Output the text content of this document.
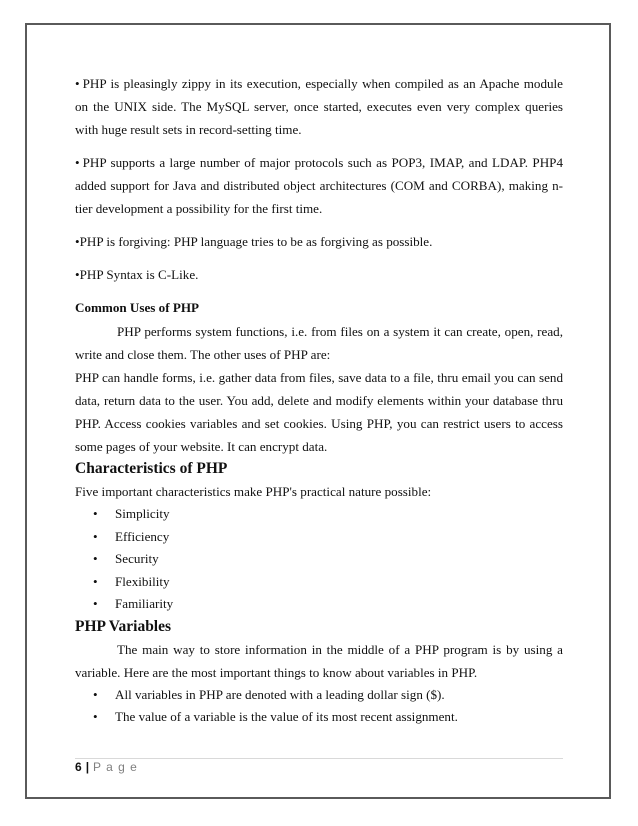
• PHP is pleasingly zippy in its execution, especially when compiled as an Apache module on the UNIX side. The MySQL server, once started, executes even very complex queries with huge result sets in record-setting time.

• PHP supports a large number of major protocols such as POP3, IMAP, and LDAP. PHP4 added support for Java and distributed object architectures (COM and CORBA), making n-tier development a possibility for the first time.

•PHP is forgiving: PHP language tries to be as forgiving as possible.

•PHP Syntax is C-Like.

Common Uses of PHP

PHP performs system functions, i.e. from files on a system it can create, open, read, write and close them. The other uses of PHP are:

PHP can handle forms, i.e. gather data from files, save data to a file, thru email you can send data, return data to the user. You add, delete and modify elements within your database thru PHP. Access cookies variables and set cookies. Using PHP, you can restrict users to access some pages of your website. It can encrypt data.

Characteristics of PHP

Five important characteristics make PHP's practical nature possible:

• Simplicity
• Efficiency
• Security
• Flexibility
• Familiarity
PHP Variables

The main way to store information in the middle of a PHP program is by using a variable. Here are the most important things to know about variables in PHP.

• All variables in PHP are denoted with a leading dollar sign ($).
• The value of a variable is the value of its most recent assignment.
6 | P a g e
